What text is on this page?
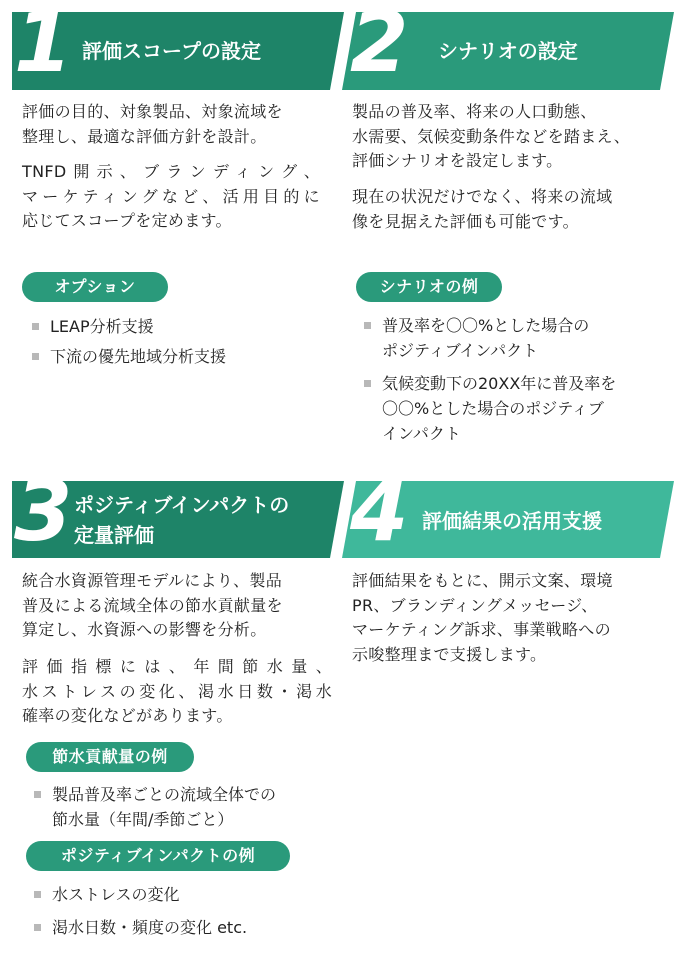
1 評価スコープの設定 2 シナリオの設定

評価の目的、対象製品、対象流域を
整理し、最適な評価方針を設計。

TNFD開示、ブランディング、
マーケティングなど、活用目的に
応じてスコープを定めます。

オプション

LEAP分析支援

下流の優先地域分析支援

製品の普及率、将来の人口動態、
水需要、気候変動条件などを踏まえ、
評価シナリオを設定します。

現在の状況だけでなく、将来の流域
像を見据えた評価も可能です。

シナリオの例

普及率を〇〇%とした場合の
ポジティブインパクト

気候変動下の20XX年に普及率を
〇〇%とした場合のポジティブ
インパクト

3 ポジティブインパクトの
定量評価	4 評価結果の活用支援

統合水資源管理モデルにより、製品
普及による流域全体の節水貢献量を
算定し、水資源への影響を分析。

評価指標には、年間節水量、
水ストレスの変化、渇水日数・渇水
確率の変化などがあります。

節水貢献量の例

製品普及率ごとの流域全体での
節水量（年間/季節ごと）

ポジティブインパクトの例

水ストレスの変化

渇水日数・頻度の変化 etc.

評価結果をもとに、開示文案、環境
PR、ブランディングメッセージ、
マーケティング訴求、事業戦略への
示唆整理まで支援します。
